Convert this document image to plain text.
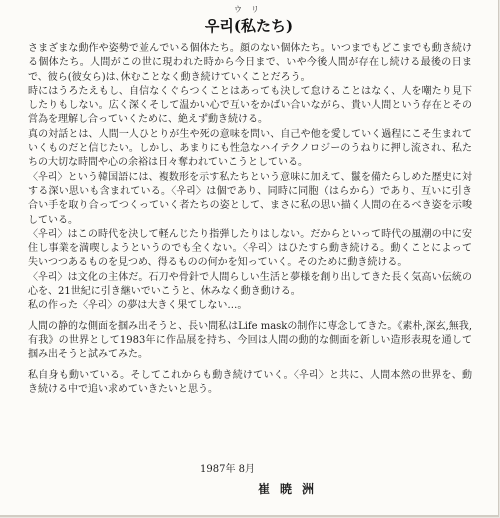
ウリ
우리(私たち)

さまざまな動作や姿勢で並んでいる個体たち。顔のない個体たち。いつまでもどこまでも動き続ける個体たち。人間がこの世に現われた時から今日まで、いや今後人間が存在し続ける最後の日まで、彼ら(彼女ら)は､休むことなく動き続けていくことだろう。

時にはうろたえもし、自信なくぐらつくことはあっても決して怠けることはなく、人を嘲たり見下したりもしない。広く深くそして温かい心で互いをかばい合いながら、貴い人間という存在とその営為を理解し合っていくために、絶えず動き続ける。

真の対話とは、人間一人ひとりが生や死の意味を問い、自己や他を愛していく過程にこそ生まれていくものだと信じたい。しかし、あまりにも性急なハイテクノロジーのうねりに押し流され、私たちの大切な時間や心の余裕は日々奪われていこうとしている。

〈우리〉という韓国語には、複数形を示す私たちという意味に加えて、鬣を備たらしめた歴史に対する深い思いも含まれている。〈우리〉は個であり、同時に同胞（はらから）であり、互いに引き合い手を取り合ってつくっていく者たちの姿として、まさに私の思い描く人間の在るべき姿を示唆している。

〈우리〉はこの時代を決して軽んじたり指弾したりはしない。だからといって時代の風潮の中に安住し事業を満喫しようというのでも全くない。〈우리〉はひたすら動き続ける。動くことによって失いつつあるものを見つめ、得るものの何かを知っていく。そのために動き続ける。

〈우리〉は文化の主体だ。石刀や骨針で人間らしい生活と夢様を創り出してきた長く気高い伝統の心を、21世紀に引き継いでいこうと、休みなく動き動ける。

私の作った〈우리〉の夢は大きく果てしない…。

人間の静的な側面を掴み出そうと、長い間私はLife maskの制作に専念してきた。《素朴,深玄,無我,有我》の世界として1983年に作品展を持ち、今回は人間の動的な側面を新しい造形表現を通して掴み出そうと試みてみた。

私自身も動いている。そしてこれからも動き続けていく。〈우리〉と共に、人間本然の世界を、動き続ける中で追い求めていきたいと思う。

1987年 8月
崔暁洲
